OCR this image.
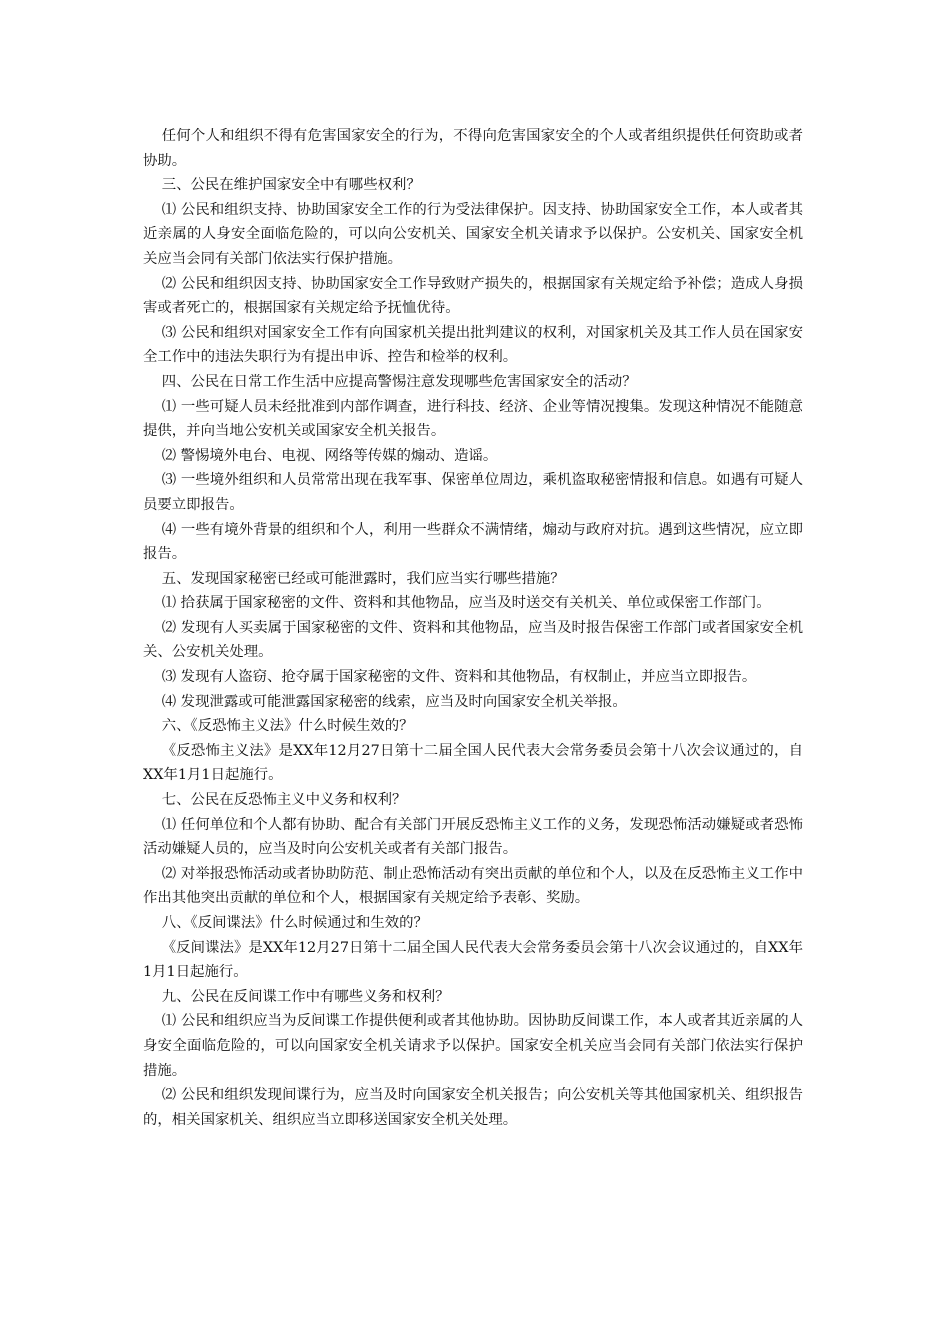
任何个人和组织不得有危害国家安全的行为，不得向危害国家安全的个人或者组织提供任何资助或者协助。

三、公民在维护国家安全中有哪些权利？

⑴ 公民和组织支持、协助国家安全工作的行为受法律保护。因支持、协助国家安全工作，本人或者其近亲属的人身安全面临危险的，可以向公安机关、国家安全机关请求予以保护。公安机关、国家安全机关应当会同有关部门依法实行保护措施。

⑵ 公民和组织因支持、协助国家安全工作导致财产损失的，根据国家有关规定给予补偿；造成人身损害或者死亡的，根据国家有关规定给予抚恤优待。

⑶ 公民和组织对国家安全工作有向国家机关提出批判建议的权利，对国家机关及其工作人员在国家安全工作中的违法失职行为有提出申诉、控告和检举的权利。

四、公民在日常工作生活中应提高警惕注意发现哪些危害国家安全的活动？

⑴ 一些可疑人员未经批准到内部作调查，进行科技、经济、企业等情况搜集。发现这种情况不能随意提供，并向当地公安机关或国家安全机关报告。

⑵ 警惕境外电台、电视、网络等传媒的煽动、造谣。

⑶ 一些境外组织和人员常常出现在我军事、保密单位周边，乘机盗取秘密情报和信息。如遇有可疑人员要立即报告。

⑷ 一些有境外背景的组织和个人，利用一些群众不满情绪，煽动与政府对抗。遇到这些情况，应立即报告。

五、发现国家秘密已经或可能泄露时，我们应当实行哪些措施？

⑴ 拾获属于国家秘密的文件、资料和其他物品，应当及时送交有关机关、单位或保密工作部门。

⑵ 发现有人买卖属于国家秘密的文件、资料和其他物品，应当及时报告保密工作部门或者国家安全机关、公安机关处理。

⑶ 发现有人盗窃、抢夺属于国家秘密的文件、资料和其他物品，有权制止，并应当立即报告。

⑷ 发现泄露或可能泄露国家秘密的线索，应当及时向国家安全机关举报。

六、《反恐怖主义法》什么时候生效的？

《反恐怖主义法》是XX年12月27日第十二届全国人民代表大会常务委员会第十八次会议通过的，自XX年1月1日起施行。

七、公民在反恐怖主义中义务和权利？

⑴ 任何单位和个人都有协助、配合有关部门开展反恐怖主义工作的义务，发现恐怖活动嫌疑或者恐怖活动嫌疑人员的，应当及时向公安机关或者有关部门报告。

⑵ 对举报恐怖活动或者协助防范、制止恐怖活动有突出贡献的单位和个人，以及在反恐怖主义工作中作出其他突出贡献的单位和个人，根据国家有关规定给予表彰、奖励。

八、《反间谍法》什么时候通过和生效的？

《反间谍法》是XX年12月27日第十二届全国人民代表大会常务委员会第十八次会议通过的，自XX年1月1日起施行。

九、公民在反间谍工作中有哪些义务和权利？

⑴ 公民和组织应当为反间谍工作提供便利或者其他协助。因协助反间谍工作，本人或者其近亲属的人身安全面临危险的，可以向国家安全机关请求予以保护。国家安全机关应当会同有关部门依法实行保护措施。

⑵ 公民和组织发现间谍行为，应当及时向国家安全机关报告；向公安机关等其他国家机关、组织报告的，相关国家机关、组织应当立即移送国家安全机关处理。
